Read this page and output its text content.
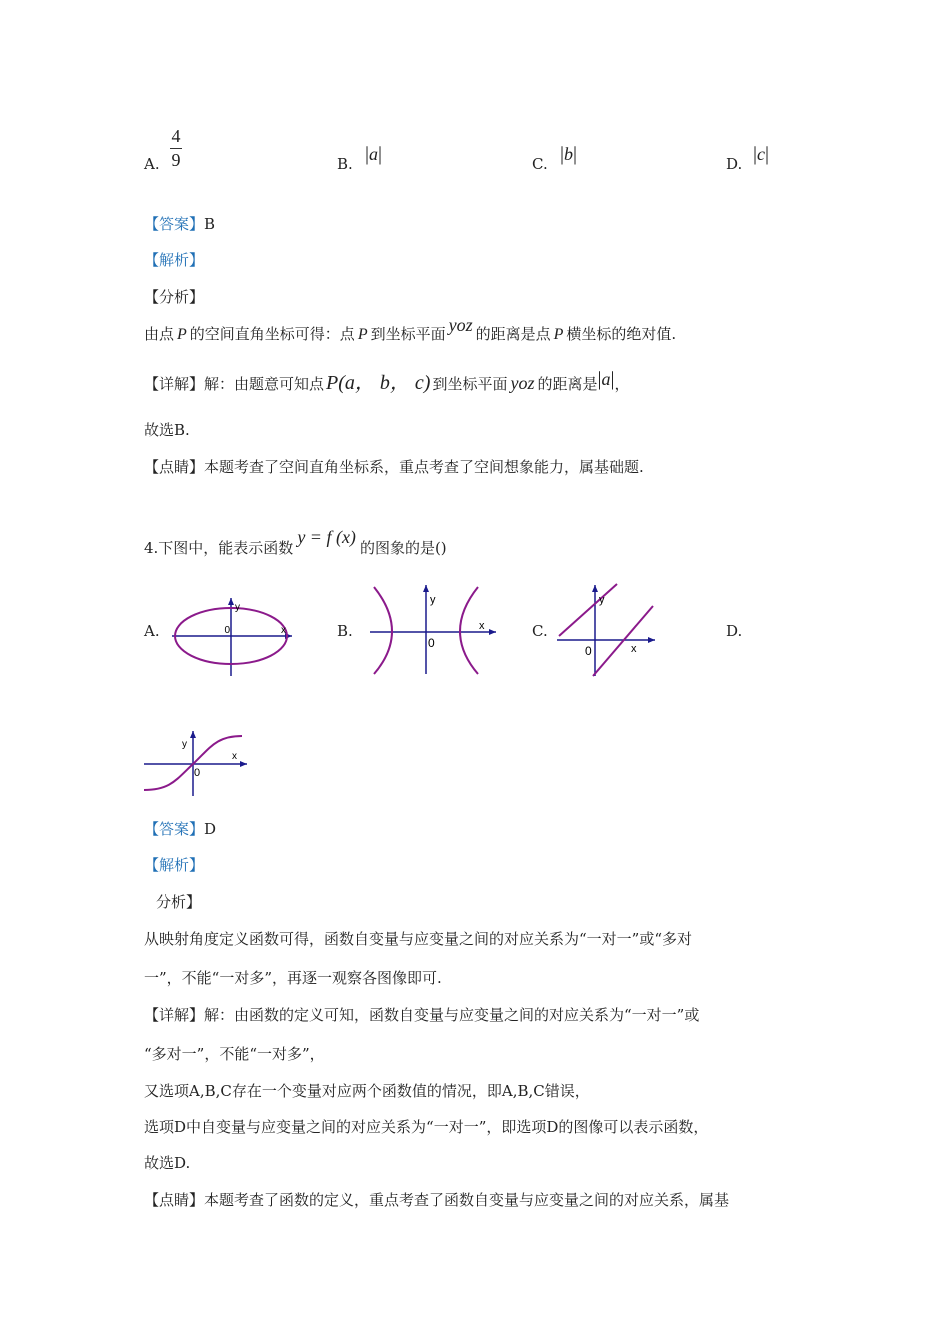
A.
4
9	B. |a|	C. |b|	D. |c|
【答案】B
【解析】
【分析】
由点 P 的空间直角坐标可得：点 P 到坐标平面 yoz 的距离是点 P 横坐标的绝对值.
【详解】解：由题意可知点 P(a， b， c) 到坐标平面 yoz 的距离是|a|，
故选B.
【点睛】本题考查了空间直角坐标系，重点考查了空间想象能力，属基础题.
4.下图中，能表示函数y = f (x)的图象的是()
A.	B.	C.	D.
y
x
0
y
x
0
y
x
0
y
x
0
【答案】D
【解析】
分析】
从映射角度定义函数可得，函数自变量与应变量之间的对应关系为“一对一”或“多对
一”，不能“一对多”，再逐一观察各图像即可.
【详解】解：由函数的定义可知，函数自变量与应变量之间的对应关系为“一对一”或
“多对一”，不能“一对多”，
又选项A,B,C存在一个变量对应两个函数值的情况，即A,B,C错误，
选项D中自变量与应变量之间的对应关系为“一对一”，即选项D的图像可以表示函数，
故选D.
【点睛】本题考查了函数的定义，重点考查了函数自变量与应变量之间的对应关系，属基
